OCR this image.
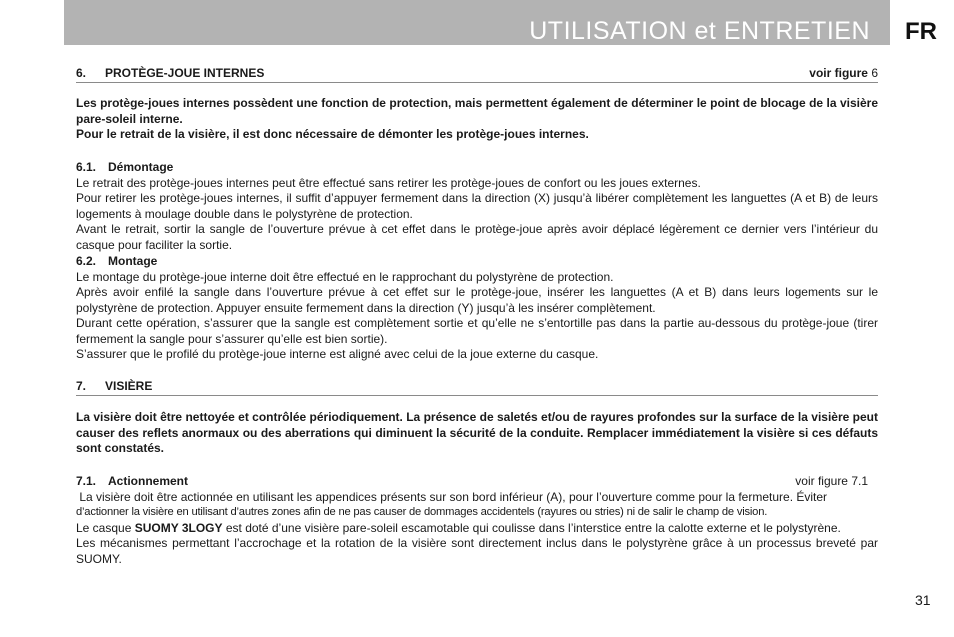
UTILISATION et ENTRETIEN FR
6. PROTÈGE-JOUE INTERNES	voir figure 6

Les protège-joues internes possèdent une fonction de protection, mais permettent également de déterminer le point de blocage de la visière pare-soleil interne.

Pour le retrait de la visière, il est donc nécessaire de démonter les protège-joues internes.

6.1. Démontage

Le retrait des protège-joues internes peut être effectué sans retirer les protège-joues de confort ou les joues externes.

Pour retirer les protège-joues internes, il suffit d’appuyer fermement dans la direction (X) jusqu’à libérer complètement les languettes (A et B) de leurs logements à moulage double dans le polystyrène de protection.

Avant le retrait, sortir la sangle de l’ouverture prévue à cet effet dans le protège-joue après avoir déplacé légèrement ce dernier vers l’intérieur du casque pour faciliter la sortie.

6.2. Montage

Le montage du protège-joue interne doit être effectué en le rapprochant du polystyrène de protection.

Après avoir enfilé la sangle dans l’ouverture prévue à cet effet sur le protège-joue, insérer les languettes (A et B) dans leurs logements sur le polystyrène de protection. Appuyer ensuite fermement dans la direction (Y) jusqu’à les insérer complètement.

Durant cette opération, s’assurer que la sangle est complètement sortie et qu’elle ne s’entortille pas dans la partie au-dessous du protège-joue (tirer fermement la sangle pour s’assurer qu’elle est bien sortie).

S’assurer que le profilé du protège-joue interne est aligné avec celui de la joue externe du casque.

7. VISIÈRE

La visière doit être nettoyée et contrôlée périodiquement. La présence de saletés et/ou de rayures profondes sur la surface de la visière peut causer des reflets anormaux ou des aberrations qui diminuent la sécurité de la conduite. Remplacer immédiatement la visière si ces défauts sont constatés.

7.1. Actionnement	voir figure 7.1

La visière doit être actionnée en utilisant les appendices présents sur son bord inférieur (A), pour l’ouverture comme pour la fermeture. Éviter

d’actionner la visière en utilisant d’autres zones afin de ne pas causer de dommages accidentels (rayures ou stries) ni de salir le champ de vision.

Le casque SUOMY 3LOGY est doté d’une visière pare-soleil escamotable qui coulisse dans l’interstice entre la calotte externe et le polystyrène.

Les mécanismes permettant l’accrochage et la rotation de la visière sont directement inclus dans le polystyrène grâce à un processus breveté par SUOMY.

31
